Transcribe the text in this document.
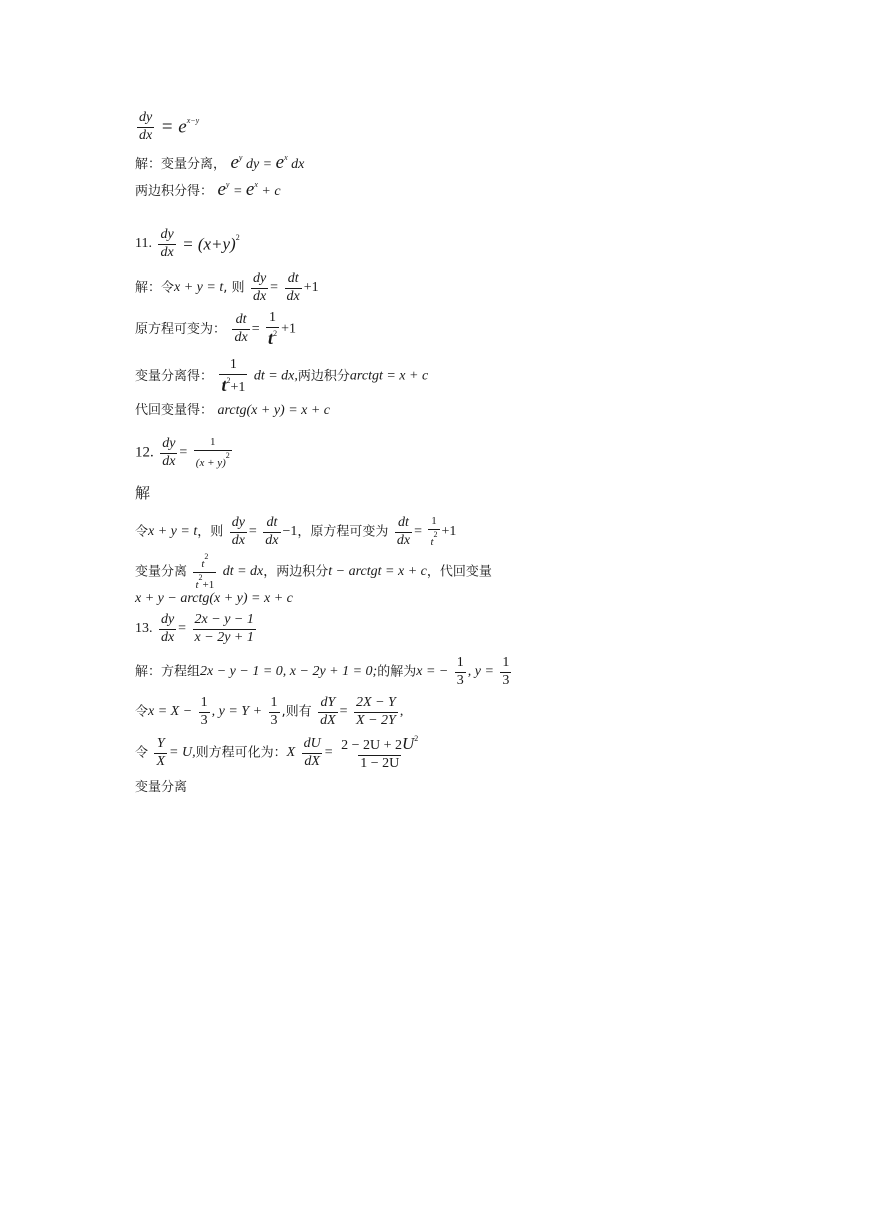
$\frac{dy}{dx} = e^{x-y}$
解：变量分离， $e^y$ dy = $e^x$ dx
两边积分得： $e^y = e^x + c$
11. $\frac{dy}{dx} = (x+y)^2$
解：令x + y = t, 则 $\frac{dy}{dx} = \frac{dt}{dx} +1$
原方程可变为： $\frac{dt}{dx} = \frac{1}{t^2} +1$
变量分离得： $\frac{1}{t^2+1}$ dt = dx,两边积分arctgt = x + c
代回变量得： arctg(x + y) = x + c
12. $\frac{dy}{dx} = \frac{1}{(x + y)^2}$
解
令x + y = t，则 $\frac{dy}{dx} = \frac{dt}{dx} -1$，原方程可变为 $\frac{dt}{dx} = \frac{1}{t^2} +1$
变量分离 $\frac{t^2}{t^2+1}$ dt = dx，两边积分t − arctgt = x + c，代回变量
x + y − arctg(x + y) = x + c
13. $\frac{dy}{dx} = \frac{2x - y - 1}{x - 2y + 1}$
解：方程组2x − y − 1 = 0, x − 2y + 1 = 0;的解为x = − $\frac{1}{3}$ , $y = \frac{1}{3}$
令$x = X - \frac{1}{3}$ , $y = Y + \frac{1}{3}$ ,则有 $\frac{dY}{dX} = \frac{2X - Y}{X - 2Y}$ ,
令 $\frac{Y}{X} = U$,则方程可化为：X $\frac{dU}{dX} = \frac{2 - 2U + 2U^2}{1 - 2U}$
变量分离
